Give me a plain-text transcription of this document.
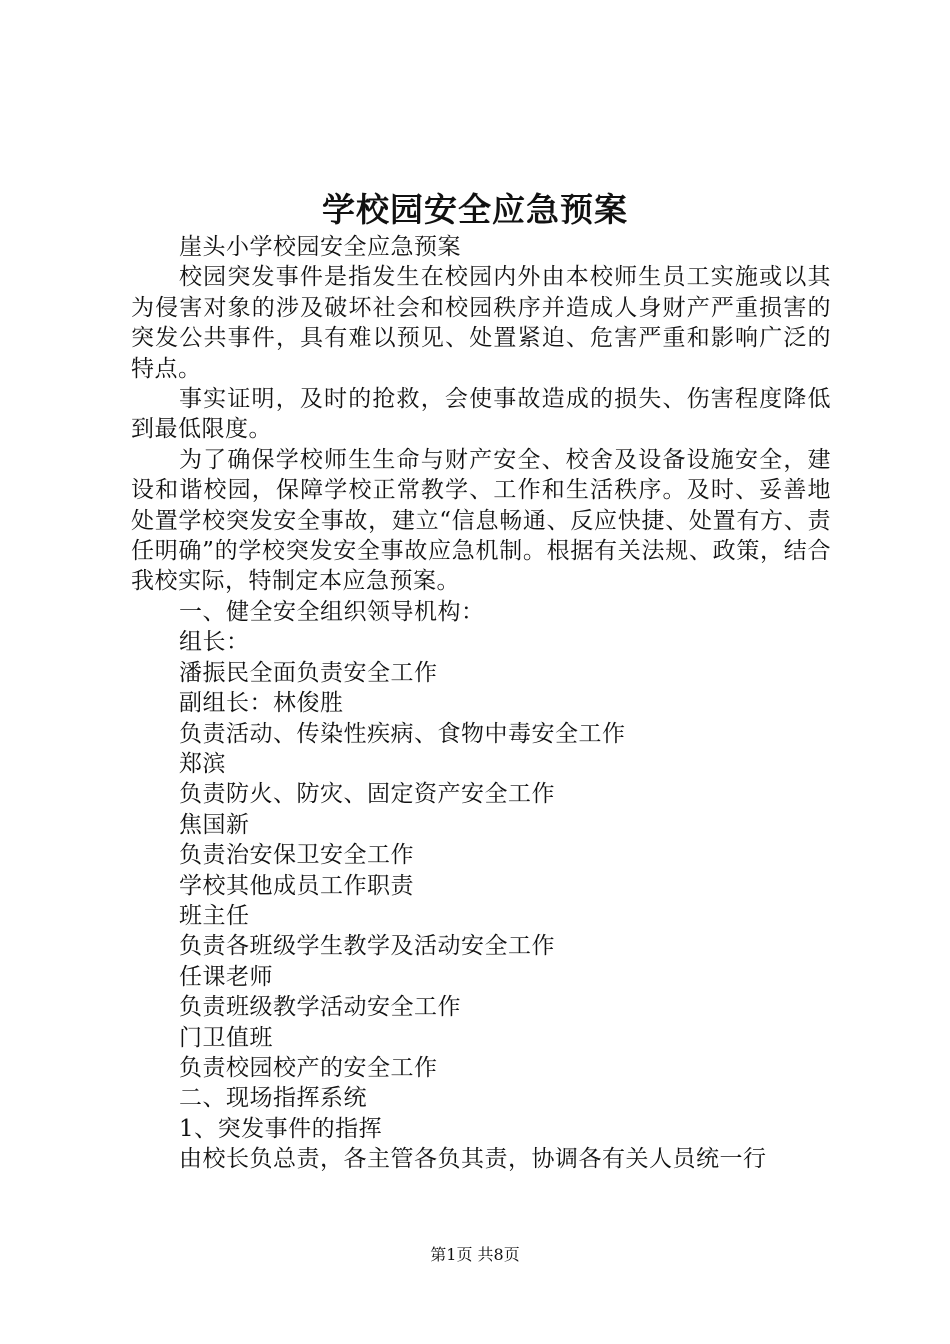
学校园安全应急预案

崖头小学校园安全应急预案

校园突发事件是指发生在校园内外由本校师生员工实施或以其为侵害对象的涉及破坏社会和校园秩序并造成人身财产严重损害的突发公共事件，具有难以预见、处置紧迫、危害严重和影响广泛的特点。

事实证明，及时的抢救，会使事故造成的损失、伤害程度降低到最低限度。

为了确保学校师生生命与财产安全、校舍及设备设施安全，建设和谐校园，保障学校正常教学、工作和生活秩序。及时、妥善地处置学校突发安全事故，建立“信息畅通、反应快捷、处置有方、责任明确”的学校突发安全事故应急机制。根据有关法规、政策，结合我校实际，特制定本应急预案。

一、健全安全组织领导机构：

组长：

潘振民全面负责安全工作

副组长：林俊胜

负责活动、传染性疾病、食物中毒安全工作

郑滨

负责防火、防灾、固定资产安全工作

焦国新

负责治安保卫安全工作

学校其他成员工作职责

班主任

负责各班级学生教学及活动安全工作

任课老师

负责班级教学活动安全工作

门卫值班

负责校园校产的安全工作

二、现场指挥系统

1、突发事件的指挥

由校长负总责，各主管各负其责，协调各有关人员统一行

第1页 共8页
